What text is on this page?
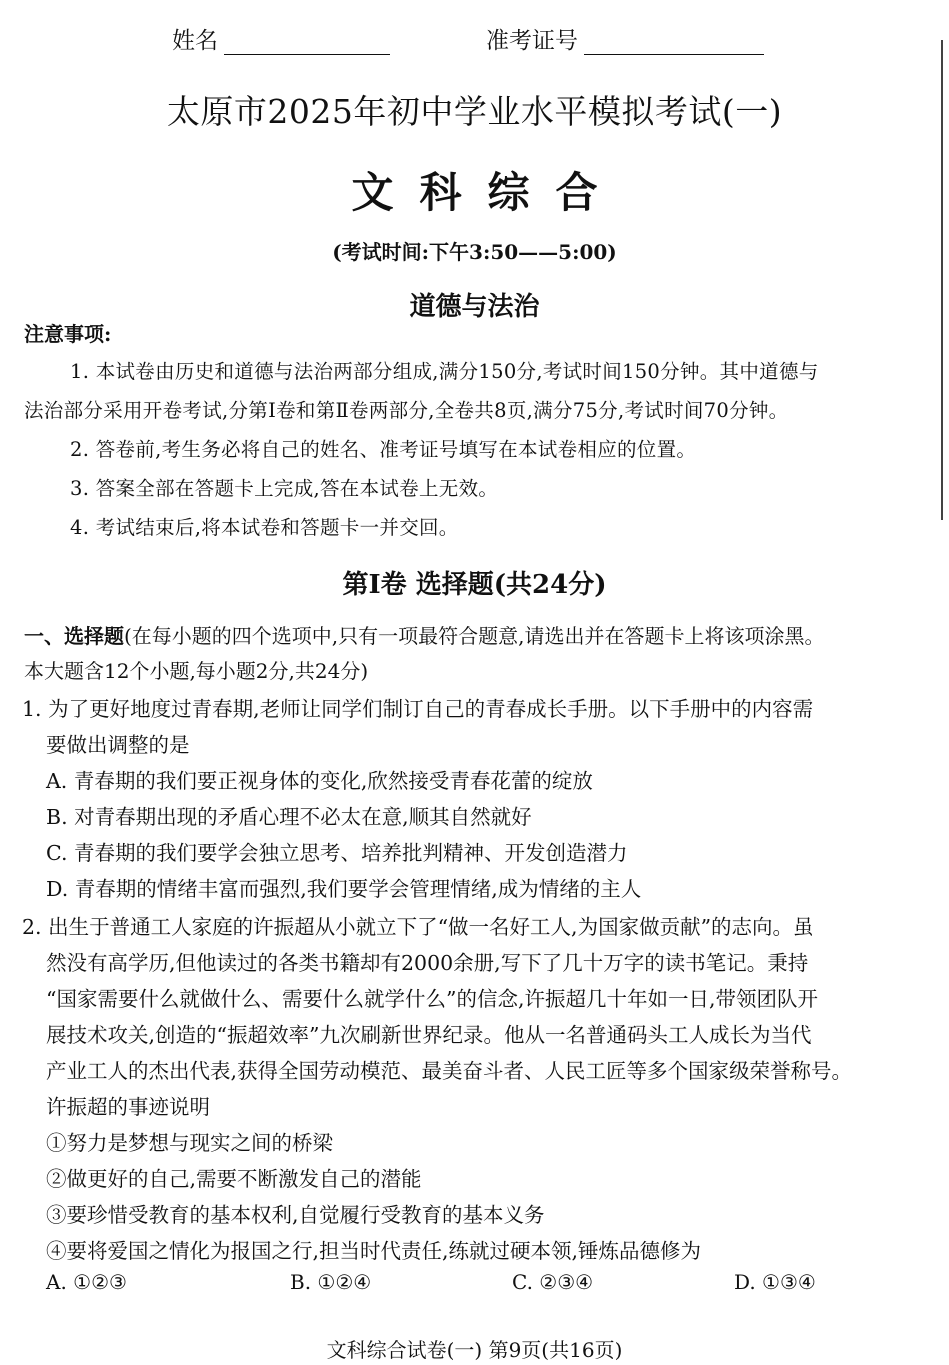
姓名	准考证号
太原市2025年初中学业水平模拟考试(一)
文科综合
(考试时间:下午3:50——5:00)
道德与法治
注意事项:
1. 本试卷由历史和道德与法治两部分组成,满分150分,考试时间150分钟。其中道德与
法治部分采用开卷考试,分第Ⅰ卷和第Ⅱ卷两部分,全卷共8页,满分75分,考试时间70分钟。
2. 答卷前,考生务必将自己的姓名、准考证号填写在本试卷相应的位置。
3. 答案全部在答题卡上完成,答在本试卷上无效。
4. 考试结束后,将本试卷和答题卡一并交回。
第Ⅰ卷 选择题(共24分)
一、选择题(在每小题的四个选项中,只有一项最符合题意,请选出并在答题卡上将该项涂黑。
本大题含12个小题,每小题2分,共24分)
1. 为了更好地度过青春期,老师让同学们制订自己的青春成长手册。以下手册中的内容需
要做出调整的是
A. 青春期的我们要正视身体的变化,欣然接受青春花蕾的绽放
B. 对青春期出现的矛盾心理不必太在意,顺其自然就好
C. 青春期的我们要学会独立思考、培养批判精神、开发创造潜力
D. 青春期的情绪丰富而强烈,我们要学会管理情绪,成为情绪的主人
2. 出生于普通工人家庭的许振超从小就立下了“做一名好工人,为国家做贡献”的志向。虽
然没有高学历,但他读过的各类书籍却有2000余册,写下了几十万字的读书笔记。秉持
“国家需要什么就做什么、需要什么就学什么”的信念,许振超几十年如一日,带领团队开
展技术攻关,创造的“振超效率”九次刷新世界纪录。他从一名普通码头工人成长为当代
产业工人的杰出代表,获得全国劳动模范、最美奋斗者、人民工匠等多个国家级荣誉称号。
许振超的事迹说明
①努力是梦想与现实之间的桥梁
②做更好的自己,需要不断激发自己的潜能
③要珍惜受教育的基本权利,自觉履行受教育的基本义务
④要将爱国之情化为报国之行,担当时代责任,练就过硬本领,锤炼品德修为
A. ①②③	B. ①②④	C. ②③④	D. ①③④
文科综合试卷(一) 第9页(共16页)
